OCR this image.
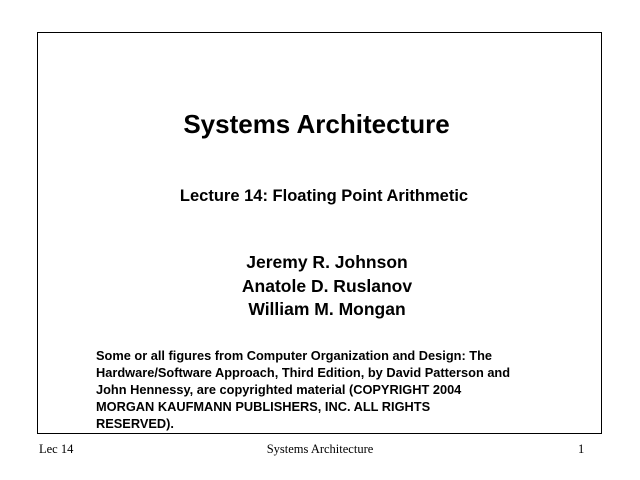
Systems Architecture
Lecture 14: Floating Point Arithmetic
Jeremy R. Johnson
Anatole D. Ruslanov
William M. Mongan
Some or all figures from Computer Organization and Design: The
Hardware/Software Approach, Third Edition, by David Patterson and
John Hennessy, are copyrighted material (COPYRIGHT 2004
MORGAN KAUFMANN PUBLISHERS, INC. ALL RIGHTS
RESERVED).
Lec 14	Systems Architecture	1
